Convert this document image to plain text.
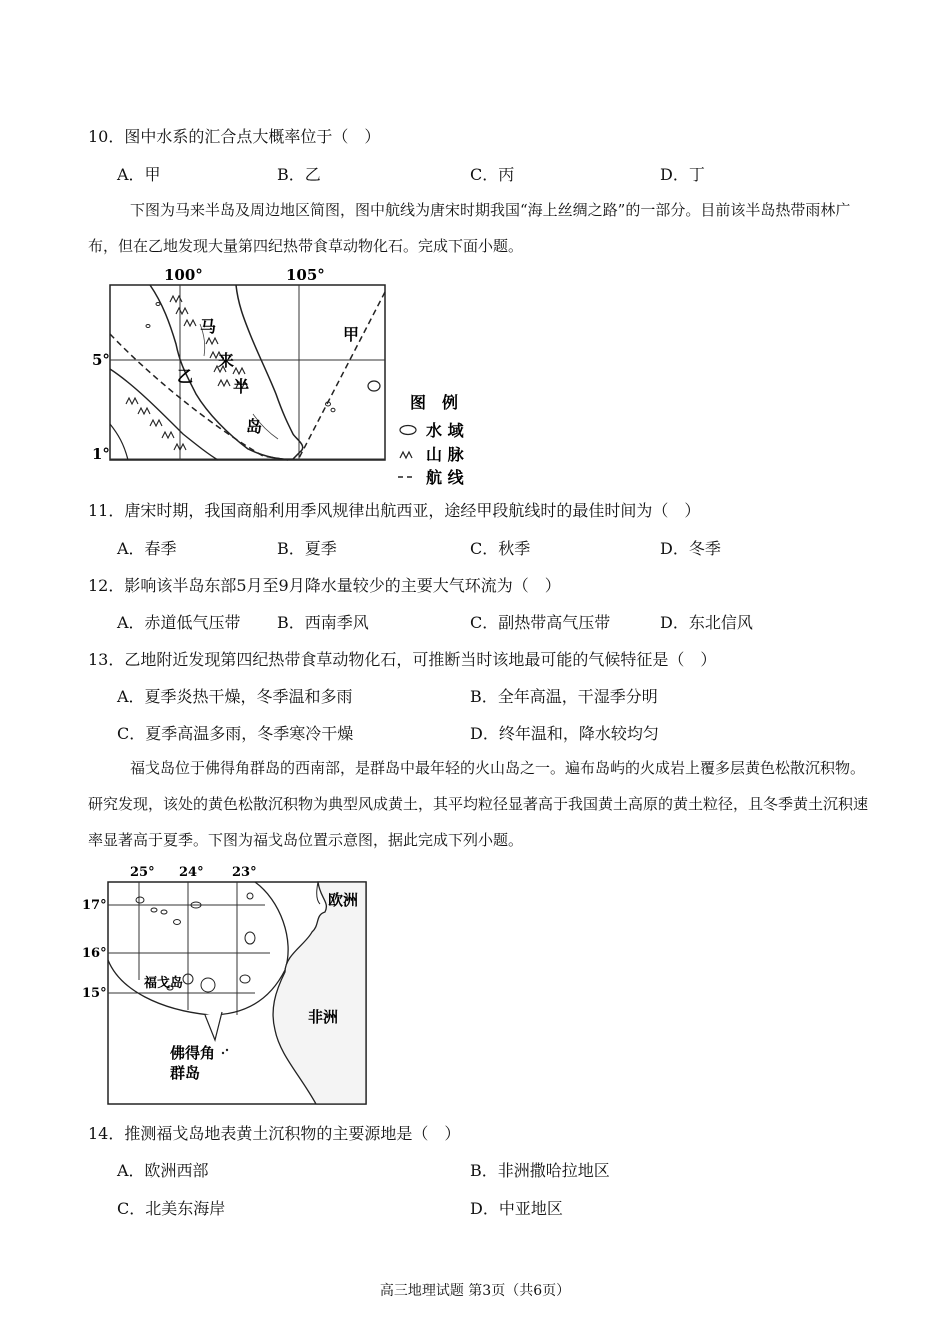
10．图中水系的汇合点大概率位于（　）
A．甲	B．乙	C．丙	D．丁
下图为马来半岛及周边地区简图，图中航线为唐宋时期我国“海上丝绸之路”的一部分。目前该半岛热带雨林广布，但在乙地发现大量第四纪热带食草动物化石。完成下面小题。
100°	105°
5°
1°
马
来
半
岛
甲
乙
图　例
水 域
山 脉
航 线
11．唐宋时期，我国商船利用季风规律出航西亚，途经甲段航线时的最佳时间为（　）
A．春季	B．夏季	C．秋季	D．冬季
12．影响该半岛东部5月至9月降水量较少的主要大气环流为（　）
A．赤道低气压带 B．西南季风	C．副热带高气压带	D．东北信风
13．乙地附近发现第四纪热带食草动物化石，可推断当时该地最可能的气候特征是（　）
A．夏季炎热干燥，冬季温和多雨	B．全年高温，干湿季分明
C．夏季高温多雨，冬季寒冷干燥	D．终年温和，降水较均匀
福戈岛位于佛得角群岛的西南部，是群岛中最年轻的火山岛之一。遍布岛屿的火成岩上覆多层黄色松散沉积物。研究发现，该处的黄色松散沉积物为典型风成黄土，其平均粒径显著高于我国黄土高原的黄土粒径，且冬季黄土沉积速率显著高于夏季。下图为福戈岛位置示意图，据此完成下列小题。
25° 24° 23°
17°
16°
15°
欧洲
非洲
福戈岛
佛得角
群岛
14．推测福戈岛地表黄土沉积物的主要源地是（　）
A．欧洲西部	B．非洲撒哈拉地区
C．北美东海岸	D．中亚地区
高三地理试题 第3页（共6页）
